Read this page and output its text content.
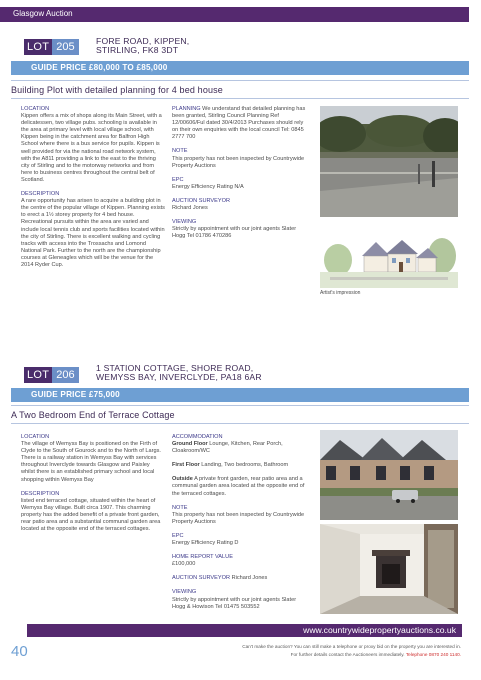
Glasgow Auction
LOT 205	FORE ROAD, KIPPEN,
STIRLING, FK8 3DT
GUIDE PRICE £80,000 TO £85,000
Building Plot with detailed planning for 4 bed house
LOCATION

Kippen offers a mix of shops along its Main Street, with a delicatessen, two village pubs. schooling is available in the area at primary level with local village school, with Kippen being in the catchment area for Balfron High School where there is a bus service for pupils. Kippen is well provided for via the national road network system, with the A811 providing a link to the east to the thriving city of Stirling and to the motorway networks and from here to business centres throughout the central belt of Scotland.

DESCRIPTION

A rare opportunity has arisen to acquire a building plot in the centre of the popular village of Kippen. Planning exists to erect a 1½ storey property for 4 bed house. Recreational pursuits within the area are varied and include local tennis club and sports facilities located within the city of Stirling. There is excellent walking and cycling tracks with access into the Trossachs and Lomond National Park. Further to the north are the championship courses at Gleneagles which will be the venue for the 2014 Ryder Cup.

PLANNING We understand that detailed planning has been granted, Stirling Council Planning Ref 12/00606/Ful dated 30/4/2013 Purchases should rely on their own enquiries with the local council Tel: 0845 2777 700

NOTE

This property has not been inspected by Countrywide Property Auctions

EPC

Energy Efficiency Rating N/A

AUCTION SURVEYOR

Richard Jones

VIEWING

Strictly by appointment with our joint agents Slater Hogg Tel 01786 470286

Artist's impression
LOT 206
1 STATION COTTAGE, SHORE ROAD,
WEMYSS BAY, INVERCLYDE, PA18 6AR
GUIDE PRICE £75,000
A Two Bedroom End of Terrace Cottage
LOCATION

The village of Wemyss Bay is positioned on the Firth of Clyde to the South of Gourock and to the North of Largs. There is a railway station in Wemyss Bay with services throughout Inverclyde towards Glasgow and Paisley whilst there is an established primary school and local shopping within Wemyss Bay

DESCRIPTION

listed end terraced cottage, situated within the heart of Wemyss Bay village. Built circa 1907. This charming property has the added benefit of a private front garden, rear patio area and a substantial communal garden area located at the opposite end of the terraced cottages.

ACCOMMODATION

Ground Floor Lounge, Kitchen, Rear Porch, Cloakroom/WC

First Floor Landing, Two bedrooms, Bathroom

Outside A private front garden, rear patio area and a communal garden area located at the opposite end of the terraced cottages.

NOTE

This property has not been inspected by Countrywide Property Auctions

EPC

Energy Efficiency Rating D

HOME REPORT VALUE

£100,000

AUCTION SURVEYOR Richard Jones

VIEWING

Strictly by appointment with our joint agents Slater Hogg & Howison Tel 01475 503552

www.countrywidepropertyauctions.co.uk
40	Can't make the auction? You can still make a telephone or proxy bid on the property you are interested in.
For further details contact the Auctioneers immediately. Telephone 0870 240 1140.
